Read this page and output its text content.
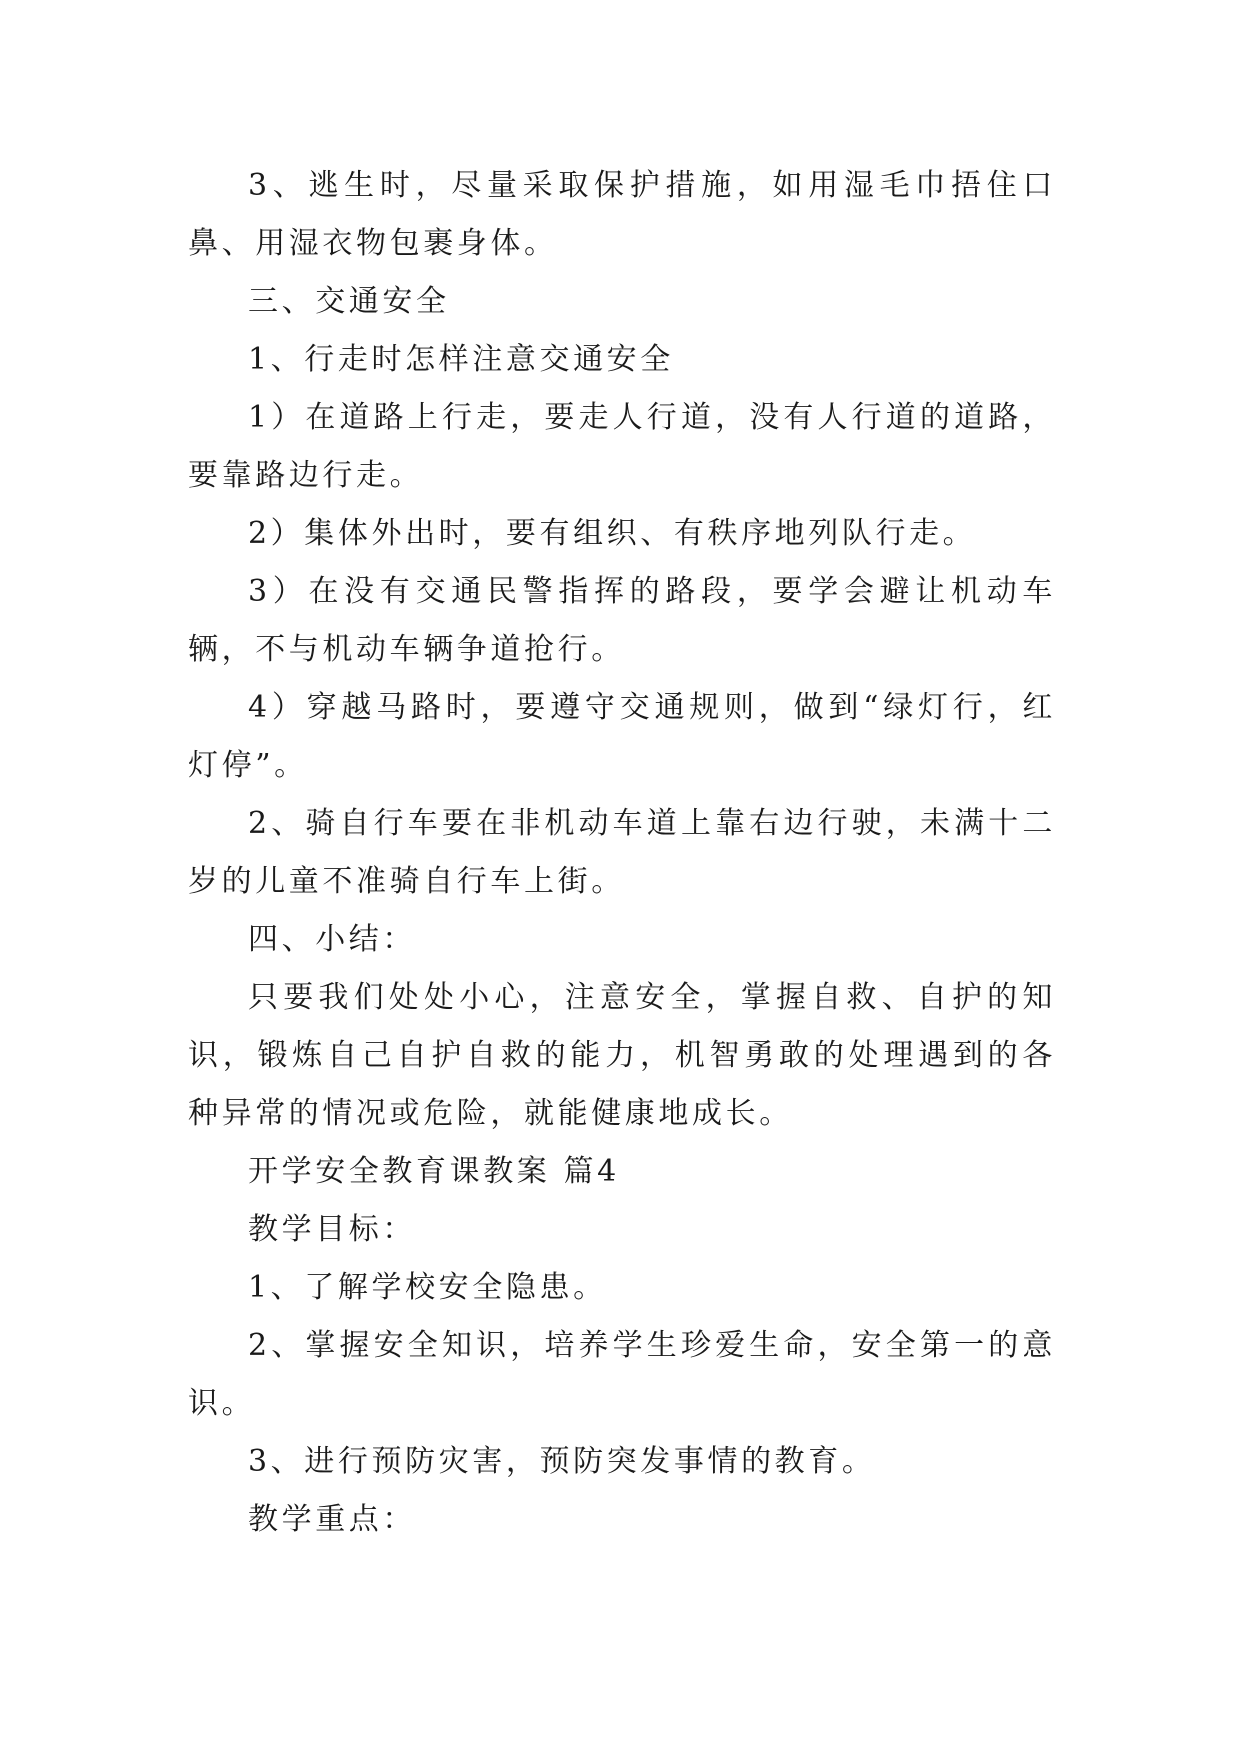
3、逃生时，尽量采取保护措施，如用湿毛巾捂住口鼻、用湿衣物包裹身体。

三、交通安全

1、行走时怎样注意交通安全

1）在道路上行走，要走人行道，没有人行道的道路，要靠路边行走。

2）集体外出时，要有组织、有秩序地列队行走。

3）在没有交通民警指挥的路段，要学会避让机动车辆，不与机动车辆争道抢行。

4）穿越马路时，要遵守交通规则，做到“绿灯行，红灯停”。

2、骑自行车要在非机动车道上靠右边行驶，未满十二岁的儿童不准骑自行车上街。

四、小结：

只要我们处处小心，注意安全，掌握自救、自护的知识，锻炼自己自护自救的能力，机智勇敢的处理遇到的各种异常的情况或危险，就能健康地成长。

开学安全教育课教案 篇4

教学目标：

1、了解学校安全隐患。

2、掌握安全知识，培养学生珍爱生命，安全第一的意识。

3、进行预防灾害，预防突发事情的教育。

教学重点：
